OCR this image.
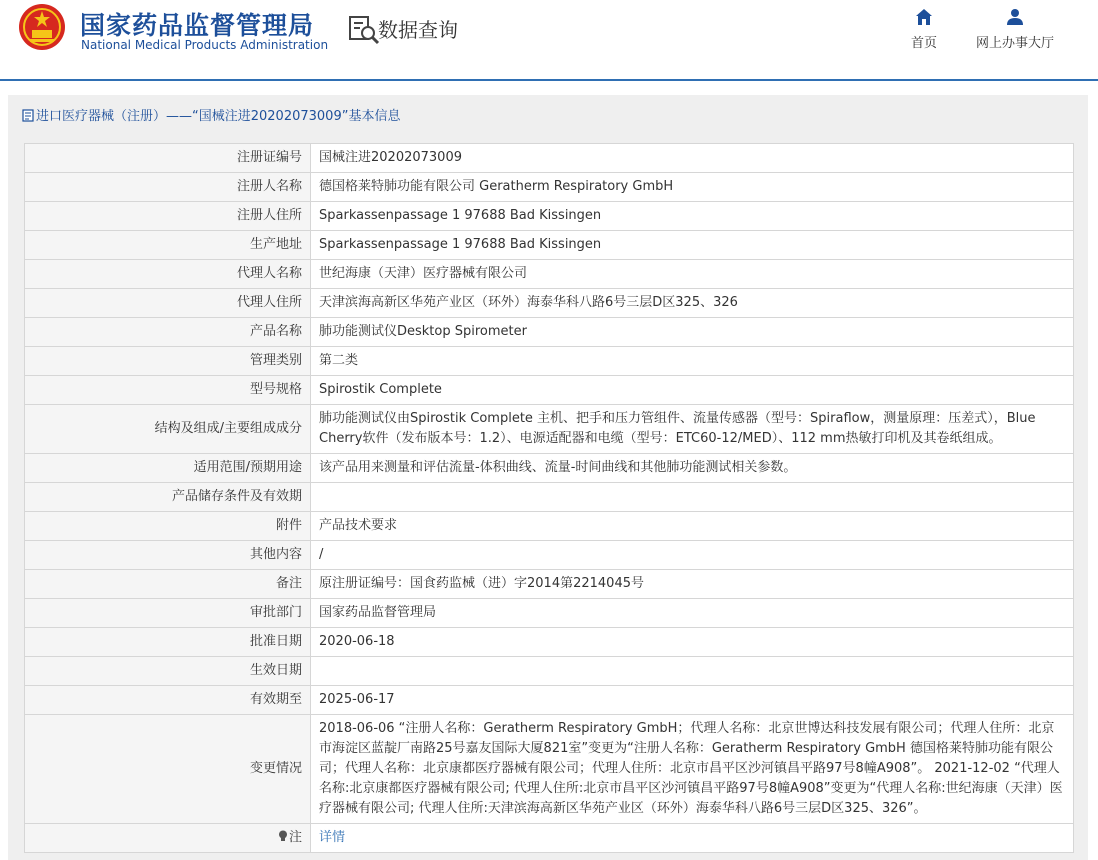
国家药品监督管理局
National Medical Products Administration
数据查询
首页	网上办事大厅
进口医疗器械（注册）——“国械注进20202073009”基本信息
注册证编号	国械注进20202073009
注册人名称	德国格莱特肺功能有限公司 Geratherm Respiratory GmbH
注册人住所	Sparkassenpassage 1 97688 Bad Kissingen
生产地址	Sparkassenpassage 1 97688 Bad Kissingen
代理人名称	世纪海康（天津）医疗器械有限公司
代理人住所	天津滨海高新区华苑产业区（环外）海泰华科八路6号三层D区325、326
产品名称	肺功能测试仪Desktop Spirometer
管理类别	第二类
型号规格	Spirostik Complete
结构及组成/主要组成成分	肺功能测试仪由Spirostik Complete 主机、把手和压力管组件、流量传感器（型号：Spiraflow，测量原理：压差式），Blue Cherry软件（发布版本号：1.2）、电源适配器和电缆（型号：ETC60-12/MED）、112 mm热敏打印机及其卷纸组成。
适用范围/预期用途	该产品用来测量和评估流量-体积曲线、流量-时间曲线和其他肺功能测试相关参数。
产品储存条件及有效期	
附件	产品技术要求
其他内容	/
备注	原注册证编号：国食药监械（进）字2014第2214045号
审批部门	国家药品监督管理局
批准日期	2020-06-18
生效日期	
有效期至	2025-06-17
变更情况	2018-06-06 “注册人名称：Geratherm Respiratory GmbH；代理人名称：北京世博达科技发展有限公司；代理人住所：北京市海淀区蓝靛厂南路25号嘉友国际大厦821室”变更为“注册人名称：Geratherm Respiratory GmbH 德国格莱特肺功能有限公司；代理人名称：北京康都医疗器械有限公司；代理人住所：北京市昌平区沙河镇昌平路97号8幢A908”。 2021-12-02 “代理人名称:北京康都医疗器械有限公司; 代理人住所:北京市昌平区沙河镇昌平路97号8幢A908”变更为“代理人名称:世纪海康（天津）医疗器械有限公司; 代理人住所:天津滨海高新区华苑产业区（环外）海泰华科八路6号三层D区325、326”。
注	详情
